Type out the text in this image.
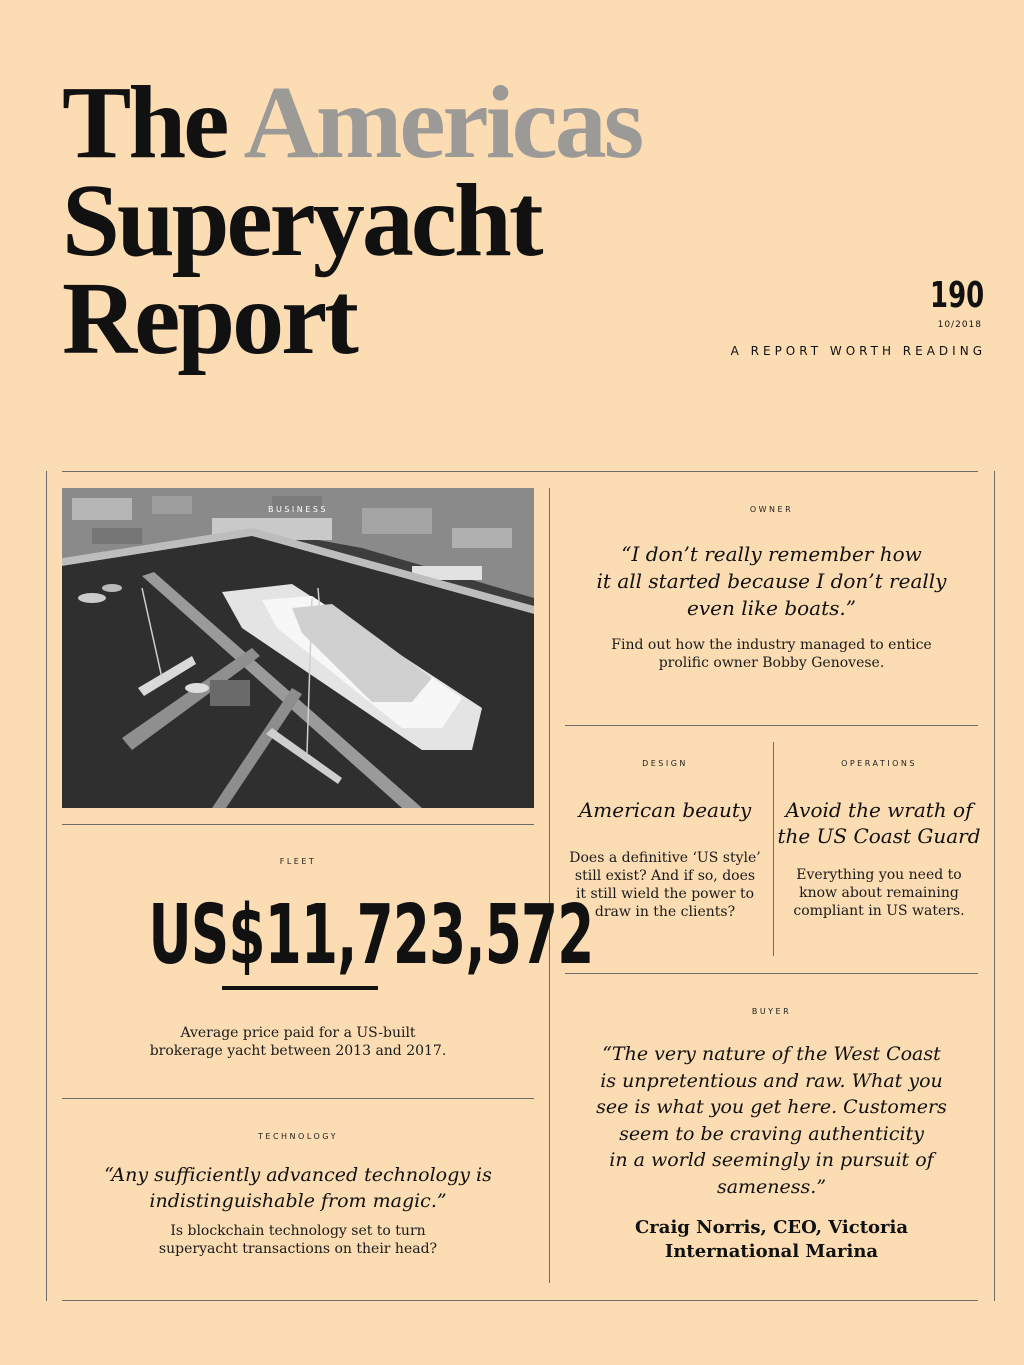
The Americas
Superyacht
Report	190
10/2018
A REPORT WORTH READING
BUSINESS	OWNER
“I don’t really remember how
it all started because I don’t really
even like boats.”
Find out how the industry managed to entice
prolific owner Bobby Genovese.
DESIGN
American beauty
Does a definitive ‘US style’
still exist? And if so, does
it still wield the power to
draw in the clients?
OPERATIONS
Avoid the wrath of
the US Coast Guard
Everything you need to
know about remaining
compliant in US waters.
FLEET
US$11,723,572
Average price paid for a US-built
brokerage yacht between 2013 and 2017.
TECHNOLOGY
“Any sufficiently advanced technology is
indistinguishable from magic.”
Is blockchain technology set to turn
superyacht transactions on their head?
BUYER
“The very nature of the West Coast
is unpretentious and raw. What you
see is what you get here. Customers
seem to be craving authenticity
in a world seemingly in pursuit of
sameness.”
Craig Norris, CEO, Victoria
International Marina
